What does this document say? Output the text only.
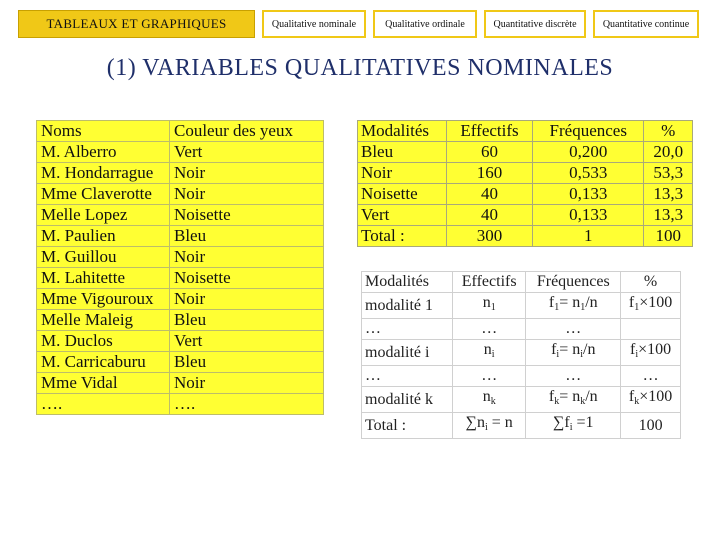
TABLEAUX ET GRAPHIQUES	Qualitative nominale	Qualitative ordinale	Quantitative discrète	Quantitative continue
(1) VARIABLES QUALITATIVES NOMINALES
Noms	Couleur des yeux
M. Alberro	Vert
M. Hondarrague	Noir
Mme Claverotte	Noir
Melle Lopez	Noisette
M. Paulien	Bleu
M. Guillou	Noir
M. Lahitette	Noisette
Mme Vigouroux	Noir
Melle Maleig	Bleu
M. Duclos	Vert
M. Carricaburu	Bleu
Mme Vidal	Noir
….	….
Modalités	Effectifs	Fréquences	%
Bleu	60	0,200	20,0
Noir	160	0,533	53,3
Noisette	40	0,133	13,3
Vert	40	0,133	13,3
Total :	300	1	100
Modalités	Effectifs	Fréquences	%
modalité 1	$n_1$	$f_1= n_1/n$	$f_1\times 100$
…	…	…	
modalité i	$n_i$	$f_i= n_i/n$	$f_i\times 100$
…	…	…	…
modalité k	$n_k$	$f_k= n_k/n$	$f_k\times 100$
Total :	$\sum n_i = n$	$\sum f_i =1$	100
